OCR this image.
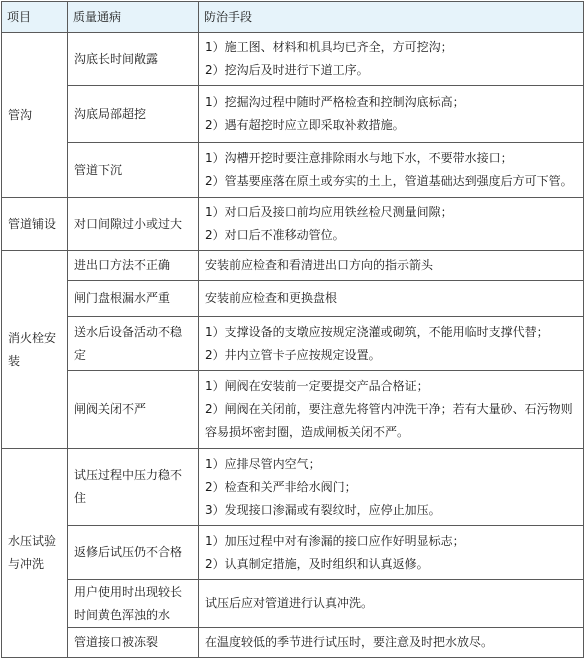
项目	质量通病	防治手段
管沟	沟底长时间敞露	1）施工图、材料和机具均已齐全，方可挖沟；
2）挖沟后及时进行下道工序。

	沟底局部超挖	1）挖掘沟过程中随时严格检查和控制沟底标高；
2）遇有超挖时应立即采取补救措施。

	管道下沉	1）沟槽开挖时要注意排除雨水与地下水，不要带水接口；
2）管基要座落在原土或夯实的土上，管道基础达到强度后方可下管。

管道铺设	对口间隙过小或过大	1）对口后及接口前均应用铁丝检尺测量间隙；
2）对口后不准移动管位。

消火栓安装	进出口方法不正确	安装前应检查和看清进出口方向的指示箭头

	闸门盘根漏水严重	安装前应检查和更换盘根

	送水后设备活动不稳定	1）支撑设备的支墩应按规定浇灌或砌筑，不能用临时支撑代替；
2）井内立管卡子应按规定设置。

	闸阀关闭不严	1）闸阀在安装前一定要提交产品合格证；
2）闸阀在关闭前，要注意先将管内冲洗干净；若有大量砂、石污物则容易损坏密封圈，造成闸板关闭不严。

水压试验与冲洗	试压过程中压力稳不住	1）应排尽管内空气；
2）检查和关严非给水阀门；
3）发现接口渗漏或有裂纹时，应停止加压。

	返修后试压仍不合格	1）加压过程中对有渗漏的接口应作好明显标志；
2）认真制定措施，及时组织和认真返修。

	用户使用时出现较长时间黄色浑浊的水	试压后应对管道进行认真冲洗。

	管道接口被冻裂	在温度较低的季节进行试压时，要注意及时把水放尽。
